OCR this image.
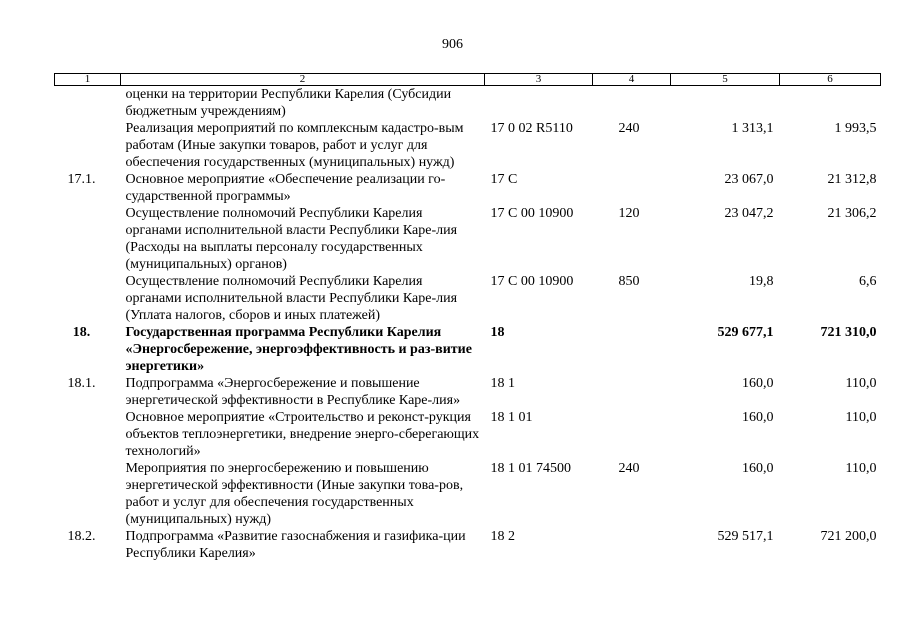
906
1	2	3	4	5	6
	оценки на территории Республики Карелия (Субсидии бюджетным учреждениям)				
	Реализация мероприятий по комплексным кадастро-вым работам (Иные закупки товаров, работ и услуг для обеспечения государственных (муниципальных) нужд)	17 0 02 R5110	240	1 313,1	1 993,5
17.1.	Основное мероприятие «Обеспечение реализации го-сударственной программы»	17 С		23 067,0	21 312,8
	Осуществление полномочий Республики Карелия органами исполнительной власти Республики Каре-лия (Расходы на выплаты персоналу государственных (муниципальных) органов)	17 С 00 10900	120	23 047,2	21 306,2
	Осуществление полномочий Республики Карелия органами исполнительной власти Республики Каре-лия (Уплата налогов, сборов и иных платежей)	17 С 00 10900	850	19,8	6,6
18.	Государственная программа Республики Карелия «Энергосбережение, энергоэффективность и раз-витие энергетики»	18		529 677,1	721 310,0
18.1.	Подпрограмма «Энергосбережение и повышение энергетической эффективности в Республике Каре-лия»	18 1		160,0	110,0
	Основное мероприятие «Строительство и реконст-рукция объектов теплоэнергетики, внедрение энерго-сберегающих технологий»	18 1 01		160,0	110,0
	Мероприятия по энергосбережению и повышению энергетической эффективности (Иные закупки това-ров, работ и услуг для обеспечения государственных (муниципальных) нужд)	18 1 01 74500	240	160,0	110,0
18.2.	Подпрограмма «Развитие газоснабжения и газифика-ции Республики Карелия»	18 2		529 517,1	721 200,0
